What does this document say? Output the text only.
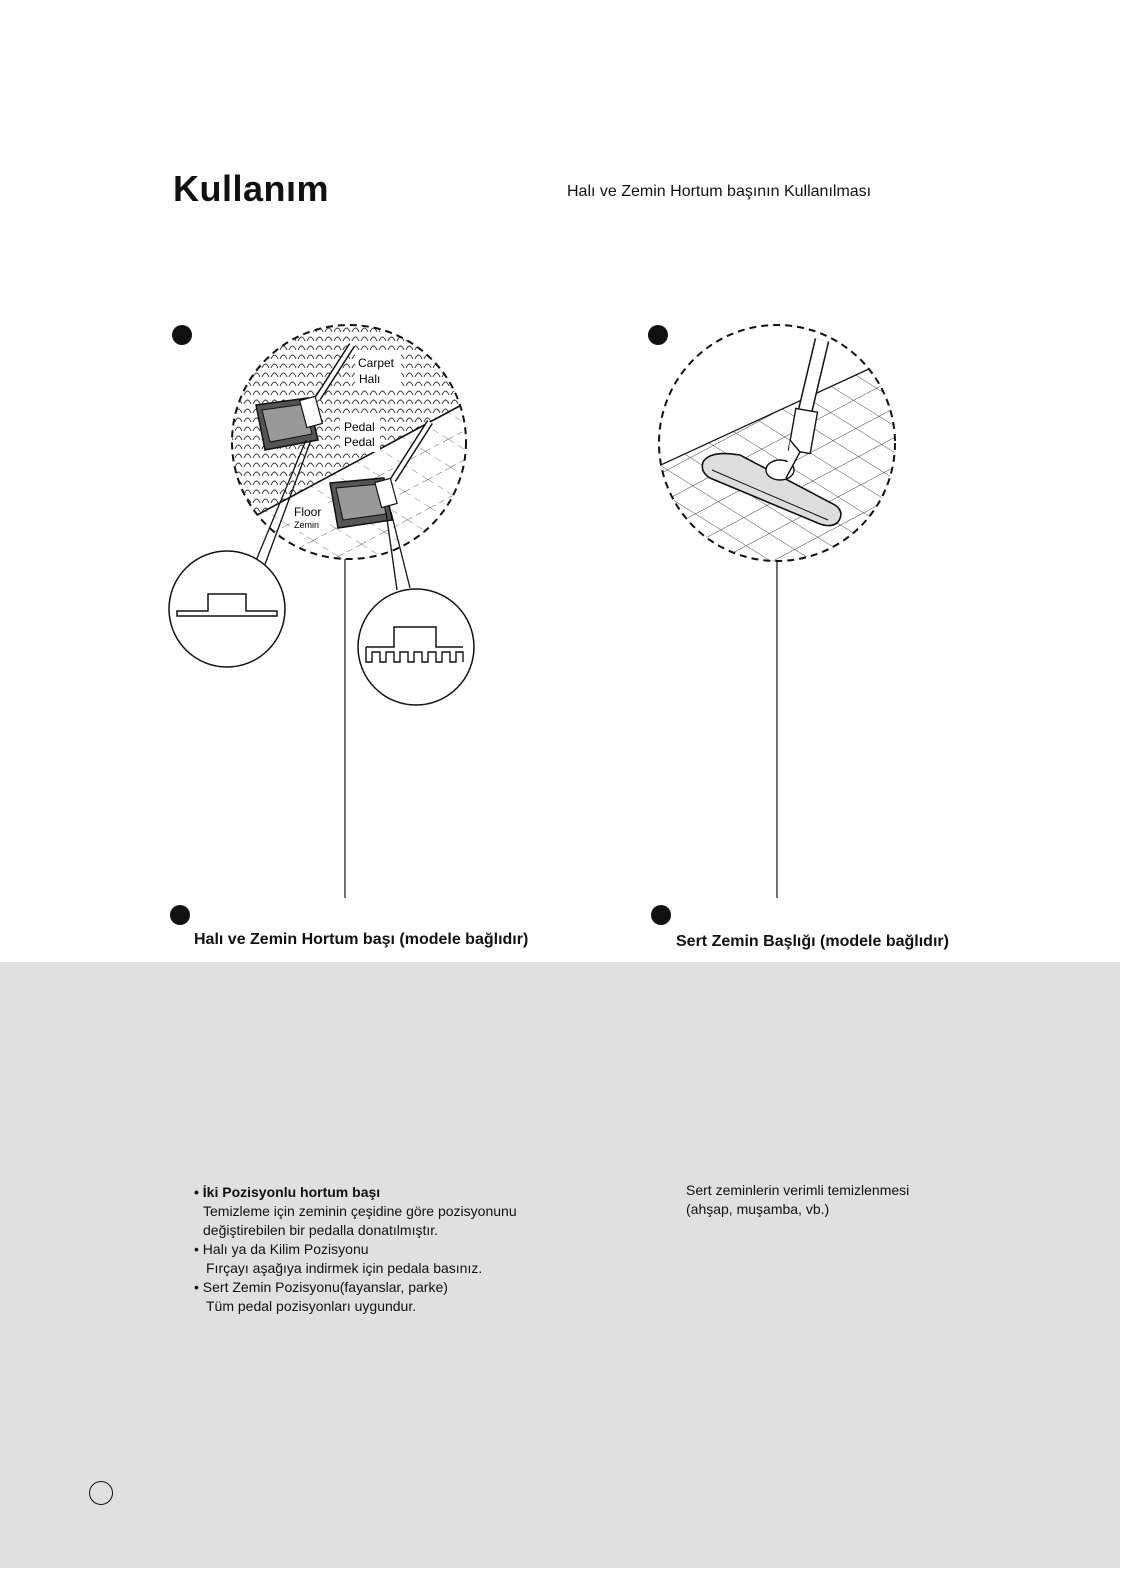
Kullanım	Halı ve Zemin Hortum başının Kullanılması
Carpet
Halı
Pedal
Pedal
Floor
Zemin
Halı ve Zemin Hortum başı (modele bağlıdır)	Sert Zemin Başlığı (modele bağlıdır)
• İki Pozisyonlu hortum başı
Temizleme için zeminin çeşidine göre pozisyonunu
değiştirebilen bir pedalla donatılmıştır.
• Halı ya da Kilim Pozisyonu
Fırçayı aşağıya indirmek için pedala basınız.
• Sert Zemin Pozisyonu(fayanslar, parke)
Tüm pedal pozisyonları uygundur.
Sert zeminlerin verimli temizlenmesi
(ahşap, muşamba, vb.)
